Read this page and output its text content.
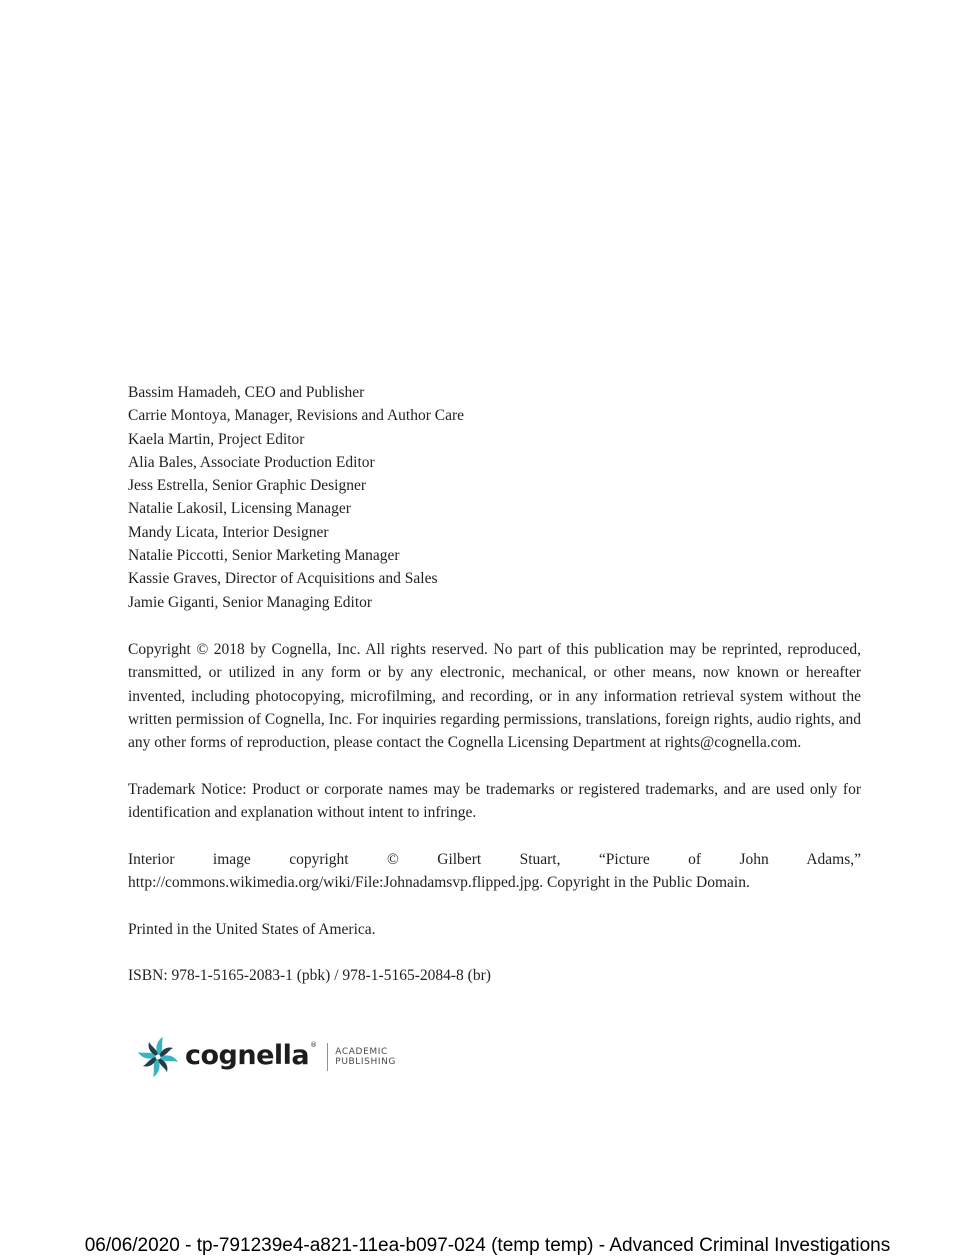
Bassim Hamadeh, CEO and Publisher
Carrie Montoya, Manager, Revisions and Author Care
Kaela Martin, Project Editor
Alia Bales, Associate Production Editor
Jess Estrella, Senior Graphic Designer
Natalie Lakosil, Licensing Manager
Mandy Licata, Interior Designer
Natalie Piccotti, Senior Marketing Manager
Kassie Graves, Director of Acquisitions and Sales
Jamie Giganti, Senior Managing Editor

Copyright © 2018 by Cognella, Inc. All rights reserved. No part of this publication may be reprinted, reproduced, transmitted, or utilized in any form or by any electronic, mechanical, or other means, now known or hereafter invented, including photocopying, microfilming, and recording, or in any information retrieval system without the written permission of Cognella, Inc. For inquiries regarding permissions, translations, foreign rights, audio rights, and any other forms of reproduction, please contact the Cognella Licensing Department at rights@cognella.com.

Trademark Notice: Product or corporate names may be trademarks or registered trademarks, and are used only for identification and explanation without intent to infringe.

Interior image copyright © Gilbert Stuart, “Picture of John Adams,” http://commons.wikimedia.org/wiki/File:Johnadamsvp.flipped.jpg. Copyright in the Public Domain.

Printed in the United States of America.

ISBN: 978-1-5165-2083-1 (pbk) / 978-1-5165-2084-8 (br)

cognella ®
ACADEMIC
PUBLISHING
06/06/2020 - tp-791239e4-a821-11ea-b097-024 (temp temp) - Advanced Criminal Investigations
